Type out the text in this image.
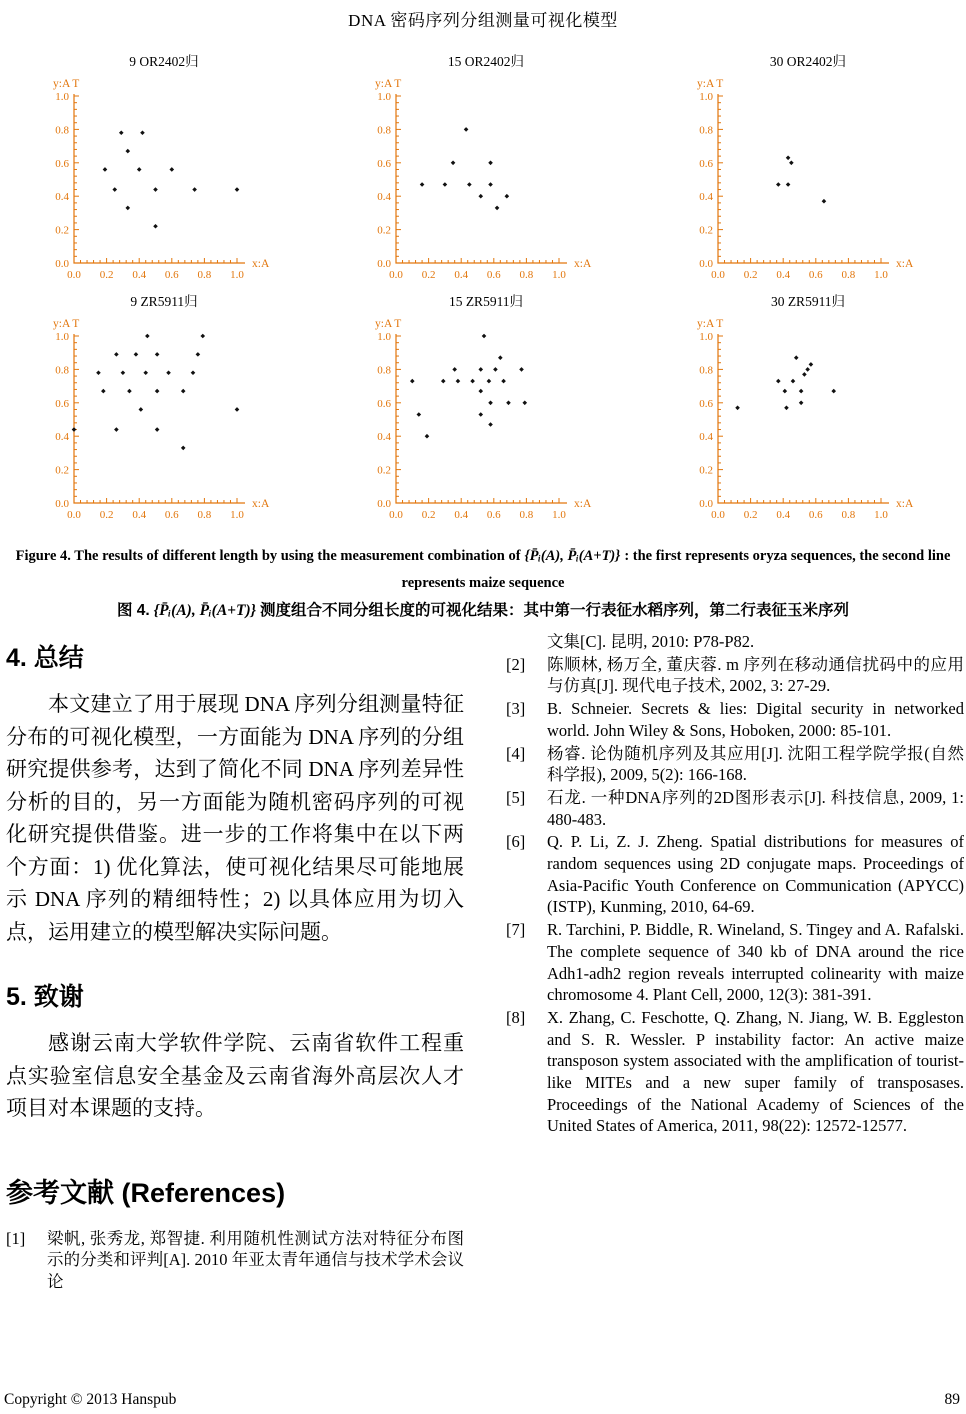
DNA 密码序列分组测量可视化模型
9 OR2402归
y:A T
x:A
0.0
0.0
0.2
0.2
0.4
0.4
0.6
0.6
0.8
0.8
1.0
1.0
15 OR2402归
y:A T
x:A
0.0
0.0
0.2
0.2
0.4
0.4
0.6
0.6
0.8
0.8
1.0
1.0
30 OR2402归
y:A T
x:A
0.0
0.0
0.2
0.2
0.4
0.4
0.6
0.6
0.8
0.8
1.0
1.0
9 ZR5911归
y:A T
x:A
0.0
0.0
0.2
0.2
0.4
0.4
0.6
0.6
0.8
0.8
1.0
1.0
15 ZR5911归
y:A T
x:A
0.0
0.0
0.2
0.2
0.4
0.4
0.6
0.6
0.8
0.8
1.0
1.0
30 ZR5911归
y:A T
x:A
0.0
0.0
0.2
0.2
0.4
0.4
0.6
0.6
0.8
0.8
1.0
1.0
Figure 4. The results of different length by using the measurement combination of {P̄ᵢ(A), P̄ᵢ(A+T)} : the first represents oryza sequences, the second line represents maize sequence
图 4. {P̄ᵢ(A), P̄ᵢ(A+T)} 测度组合不同分组长度的可视化结果：其中第一行表征水稻序列，第二行表征玉米序列
4. 总结

本文建立了用于展现 DNA 序列分组测量特征分布的可视化模型，一方面能为 DNA 序列的分组研究提供参考，达到了简化不同 DNA 序列差异性分析的目的，另一方面能为随机密码序列的可视化研究提供借鉴。进一步的工作将集中在以下两个方面：1) 优化算法，使可视化结果尽可能地展示 DNA 序列的精细特性；2) 以具体应用为切入点，运用建立的模型解决实际问题。

5. 致谢

感谢云南大学软件学院、云南省软件工程重点实验室信息安全基金及云南省海外高层次人才项目对本课题的支持。

参考文献 (References)
[1] 梁帆, 张秀龙, 郑智捷. 利用随机性测试方法对特征分布图示的分类和评判[A]. 2010 年亚太青年通信与技术学术会议论
文集[C]. 昆明, 2010: P78-P82.
[2] 陈顺林, 杨万全, 董庆蓉. m 序列在移动通信扰码中的应用与仿真[J]. 现代电子技术, 2002, 3: 27-29.
[3] B. Schneier. Secrets & lies: Digital security in networked world. John Wiley & Sons, Hoboken, 2000: 85-101.
[4] 杨睿. 论伪随机序列及其应用[J]. 沈阳工程学院学报(自然科学报), 2009, 5(2): 166-168.
[5] 石龙. 一种DNA序列的2D图形表示[J]. 科技信息, 2009, 1: 480-483.
[6] Q. P. Li, Z. J. Zheng. Spatial distributions for measures of random sequences using 2D conjugate maps. Proceedings of Asia-Pacific Youth Conference on Communication (APYCC) (ISTP), Kunming, 2010, 64-69.
[7] R. Tarchini, P. Biddle, R. Wineland, S. Tingey and A. Rafalski. The complete sequence of 340 kb of DNA around the rice Adh1-adh2 region reveals interrupted colinearity with maize chromosome 4. Plant Cell, 2000, 12(3): 381-391.
[8] X. Zhang, C. Feschotte, Q. Zhang, N. Jiang, W. B. Eggleston and S. R. Wessler. P instability factor: An active maize transposon system associated with the amplification of tourist-like MITEs and a new super family of transposases. Proceedings of the National Academy of Sciences of the United States of America, 2011, 98(22): 12572-12577.
Copyright © 2013 Hanspub	89
